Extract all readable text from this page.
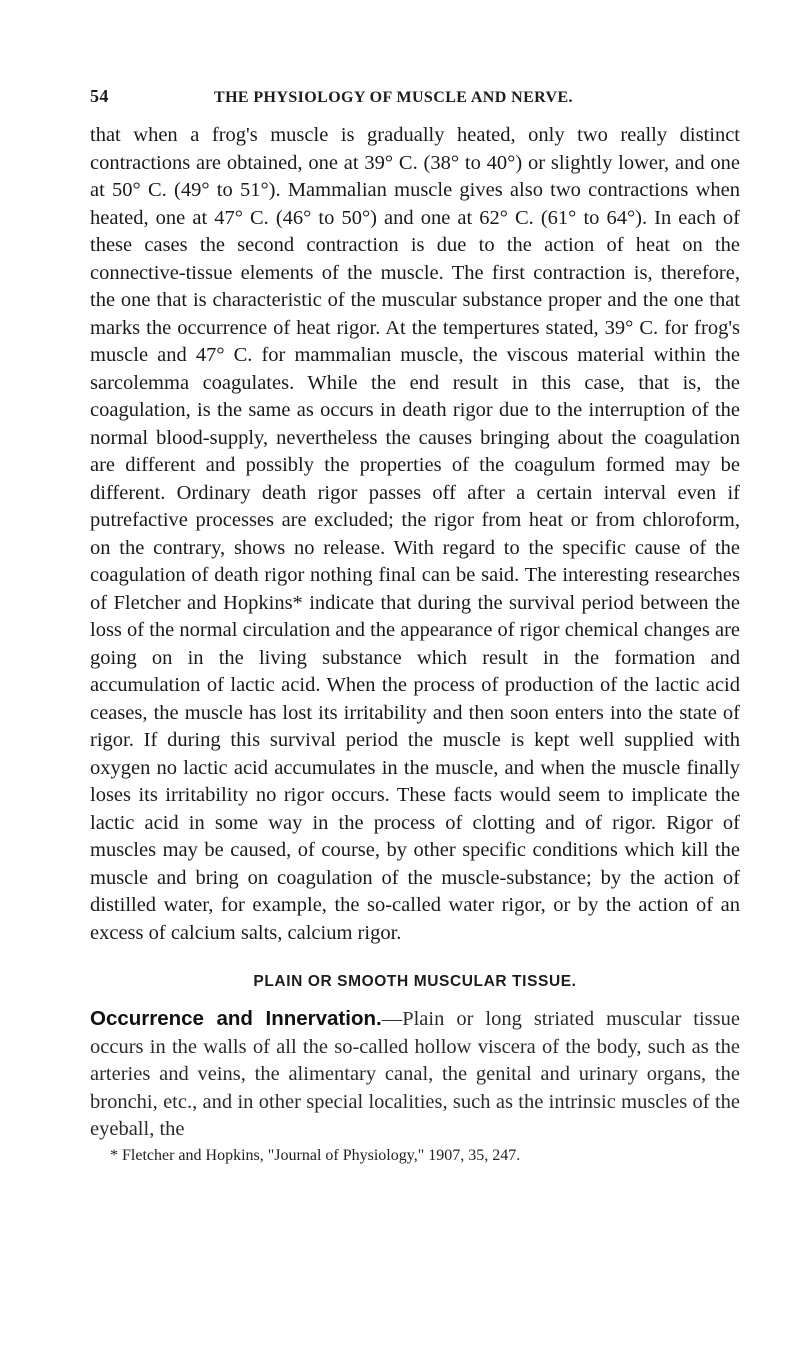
54	THE PHYSIOLOGY OF MUSCLE AND NERVE.

that when a frog's muscle is gradually heated, only two really distinct contractions are obtained, one at 39° C. (38° to 40°) or slightly lower, and one at 50° C. (49° to 51°). Mammalian muscle gives also two contractions when heated, one at 47° C. (46° to 50°) and one at 62° C. (61° to 64°). In each of these cases the second contraction is due to the action of heat on the connective-tissue elements of the muscle. The first contraction is, therefore, the one that is characteristic of the muscular substance proper and the one that marks the occurrence of heat rigor. At the tempertures stated, 39° C. for frog's muscle and 47° C. for mammalian muscle, the viscous material within the sarcolemma coagulates. While the end result in this case, that is, the coagulation, is the same as occurs in death rigor due to the interruption of the normal blood-supply, nevertheless the causes bringing about the coagulation are different and possibly the properties of the coagulum formed may be different. Ordinary death rigor passes off after a certain interval even if putrefactive processes are excluded; the rigor from heat or from chloroform, on the contrary, shows no release. With regard to the specific cause of the coagulation of death rigor nothing final can be said. The interesting researches of Fletcher and Hopkins* indicate that during the survival period between the loss of the normal circulation and the appearance of rigor chemical changes are going on in the living substance which result in the formation and accumulation of lactic acid. When the process of production of the lactic acid ceases, the muscle has lost its irritability and then soon enters into the state of rigor. If during this survival period the muscle is kept well supplied with oxygen no lactic acid accumulates in the muscle, and when the muscle finally loses its irritability no rigor occurs. These facts would seem to implicate the lactic acid in some way in the process of clotting and of rigor. Rigor of muscles may be caused, of course, by other specific conditions which kill the muscle and bring on coagulation of the muscle-substance; by the action of distilled water, for example, the so-called water rigor, or by the action of an excess of calcium salts, calcium rigor.

PLAIN OR SMOOTH MUSCULAR TISSUE.

Occurrence and Innervation.—Plain or long striated muscular tissue occurs in the walls of all the so-called hollow viscera of the body, such as the arteries and veins, the alimentary canal, the genital and urinary organs, the bronchi, etc., and in other special localities, such as the intrinsic muscles of the eyeball, the

* Fletcher and Hopkins, "Journal of Physiology," 1907, 35, 247.
